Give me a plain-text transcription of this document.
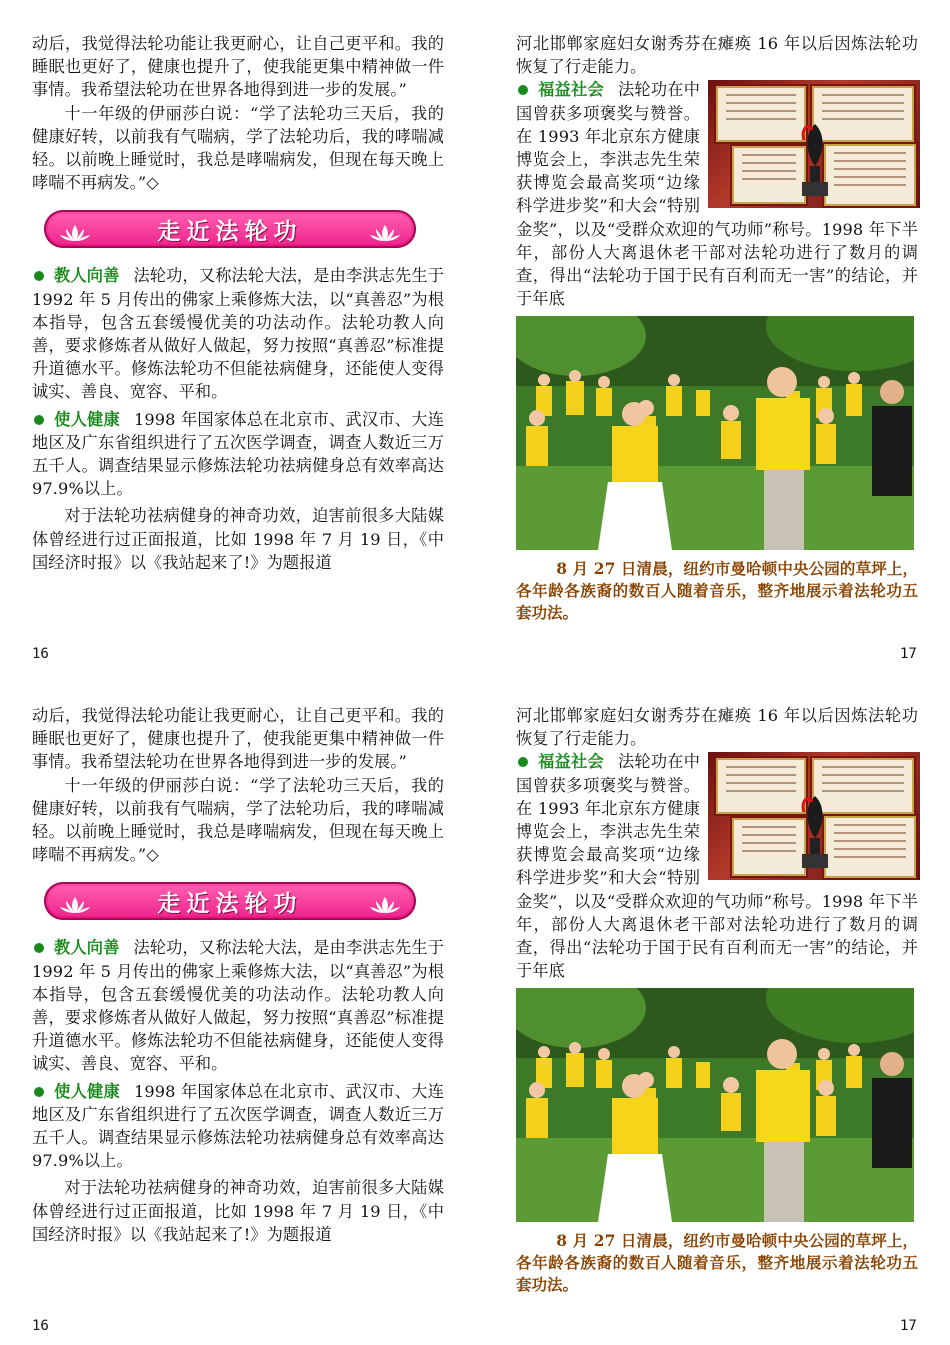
动后，我觉得法轮功能让我更耐心，让自己更平和。我的睡眠也更好了，健康也提升了，使我能更集中精神做一件事情。我希望法轮功在世界各地得到进一步的发展。”

十一年级的伊丽莎白说：“学了法轮功三天后，我的健康好转，以前我有气喘病，学了法轮功后，我的哮喘减轻。以前晚上睡觉时，我总是哮喘病发，但现在每天晚上哮喘不再病发。”◇

走近法轮功

教人向善 法轮功，又称法轮大法，是由李洪志先生于 1992 年 5 月传出的佛家上乘修炼大法，以“真善忍”为根本指导，包含五套缓慢优美的功法动作。法轮功教人向善，要求修炼者从做好人做起，努力按照“真善忍”标准提升道德水平。修炼法轮功不但能祛病健身，还能使人变得诚实、善良、宽容、平和。

使人健康 1998 年国家体总在北京市、武汉市、大连地区及广东省组织进行了五次医学调查，调查人数近三万五千人。调查结果显示修炼法轮功祛病健身总有效率高达 97.9%以上。

对于法轮功祛病健身的神奇功效，迫害前很多大陆媒体曾经进行过正面报道，比如 1998 年 7 月 19 日，《中国经济时报》以《我站起来了!》为题报道

16

河北邯郸家庭妇女谢秀芬在瘫痪 16 年以后因炼法轮功恢复了行走能力。

福益社会 法轮功在中国曾获多项褒奖与赞誉。在 1993 年北京东方健康博览会上，李洪志先生荣获博览会最高奖项“边缘科学进步奖”和大会“特别金奖”，以及“受群众欢迎的气功师”称号。1998 年下半年，部份人大离退休老干部对法轮功进行了数月的调查，得出“法轮功于国于民有百利而无一害”的结论，并于年底

8 月 27 日清晨，纽约市曼哈顿中央公园的草坪上，各年龄各族裔的数百人随着音乐，整齐地展示着法轮功五套功法。

17

动后，我觉得法轮功能让我更耐心，让自己更平和。我的睡眠也更好了，健康也提升了，使我能更集中精神做一件事情。我希望法轮功在世界各地得到进一步的发展。”

十一年级的伊丽莎白说：“学了法轮功三天后，我的健康好转，以前我有气喘病，学了法轮功后，我的哮喘减轻。以前晚上睡觉时，我总是哮喘病发，但现在每天晚上哮喘不再病发。”◇

走近法轮功

教人向善 法轮功，又称法轮大法，是由李洪志先生于 1992 年 5 月传出的佛家上乘修炼大法，以“真善忍”为根本指导，包含五套缓慢优美的功法动作。法轮功教人向善，要求修炼者从做好人做起，努力按照“真善忍”标准提升道德水平。修炼法轮功不但能祛病健身，还能使人变得诚实、善良、宽容、平和。

使人健康 1998 年国家体总在北京市、武汉市、大连地区及广东省组织进行了五次医学调查，调查人数近三万五千人。调查结果显示修炼法轮功祛病健身总有效率高达 97.9%以上。

对于法轮功祛病健身的神奇功效，迫害前很多大陆媒体曾经进行过正面报道，比如 1998 年 7 月 19 日，《中国经济时报》以《我站起来了!》为题报道

16

河北邯郸家庭妇女谢秀芬在瘫痪 16 年以后因炼法轮功恢复了行走能力。

福益社会 法轮功在中国曾获多项褒奖与赞誉。在 1993 年北京东方健康博览会上，李洪志先生荣获博览会最高奖项“边缘科学进步奖”和大会“特别金奖”，以及“受群众欢迎的气功师”称号。1998 年下半年，部份人大离退休老干部对法轮功进行了数月的调查，得出“法轮功于国于民有百利而无一害”的结论，并于年底

8 月 27 日清晨，纽约市曼哈顿中央公园的草坪上，各年龄各族裔的数百人随着音乐，整齐地展示着法轮功五套功法。

17
